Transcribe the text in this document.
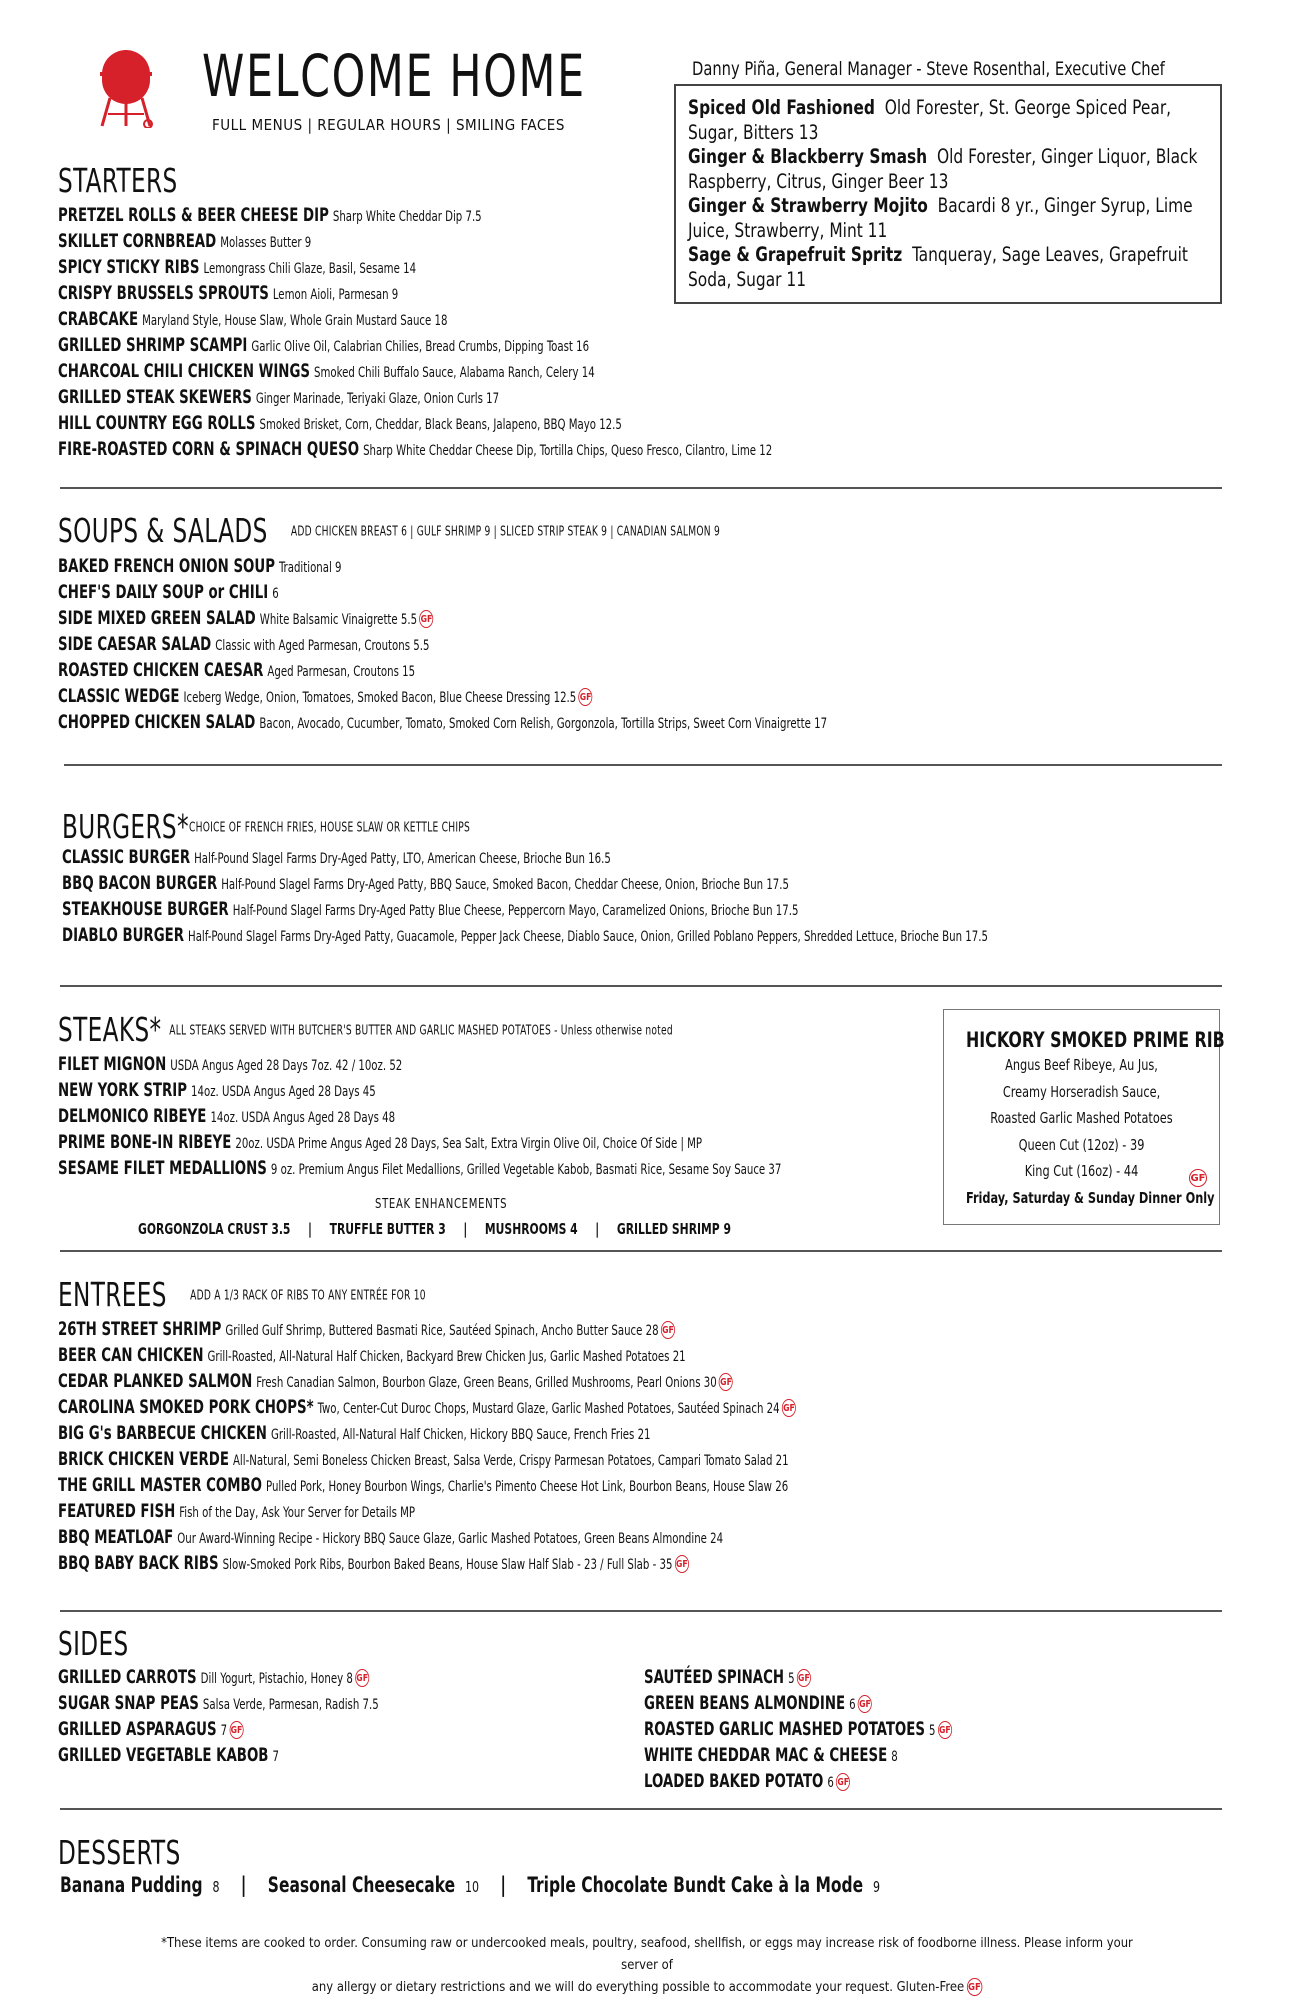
WELCOME HOME
FULL MENUS | REGULAR HOURS | SMILING FACES
Danny Piña, General Manager - Steve Rosenthal, Executive Chef

Spiced Old Fashioned Old Forester, St. George Spiced Pear, Sugar, Bitters 13

Ginger & Blackberry Smash Old Forester, Ginger Liquor, Black Raspberry, Citrus, Ginger Beer 13

Ginger & Strawberry Mojito Bacardi 8 yr., Ginger Syrup, Lime Juice, Strawberry, Mint 11

Sage & Grapefruit Spritz Tanqueray, Sage Leaves, Grapefruit Soda, Sugar 11

STARTERS
PRETZEL ROLLS & BEER CHEESE DIP Sharp White Cheddar Dip 7.5
SKILLET CORNBREAD Molasses Butter 9
SPICY STICKY RIBS Lemongrass Chili Glaze, Basil, Sesame 14
CRISPY BRUSSELS SPROUTS Lemon Aioli, Parmesan 9
CRABCAKE Maryland Style, House Slaw, Whole Grain Mustard Sauce 18
GRILLED SHRIMP SCAMPI Garlic Olive Oil, Calabrian Chilies, Bread Crumbs, Dipping Toast 16
CHARCOAL CHILI CHICKEN WINGS Smoked Chili Buffalo Sauce, Alabama Ranch, Celery 14
GRILLED STEAK SKEWERS Ginger Marinade, Teriyaki Glaze, Onion Curls 17
HILL COUNTRY EGG ROLLS Smoked Brisket, Corn, Cheddar, Black Beans, Jalapeno, BBQ Mayo 12.5
FIRE-ROASTED CORN & SPINACH QUESO Sharp White Cheddar Cheese Dip, Tortilla Chips, Queso Fresco, Cilantro, Lime 12
SOUPS & SALADS ADD CHICKEN BREAST 6 | GULF SHRIMP 9 | SLICED STRIP STEAK 9 | CANADIAN SALMON 9
BAKED FRENCH ONION SOUP Traditional 9
CHEF'S DAILY SOUP or CHILI 6
SIDE MIXED GREEN SALAD White Balsamic Vinaigrette 5.5 GF
SIDE CAESAR SALAD Classic with Aged Parmesan, Croutons 5.5
ROASTED CHICKEN CAESAR Aged Parmesan, Croutons 15
CLASSIC WEDGE Iceberg Wedge, Onion, Tomatoes, Smoked Bacon, Blue Cheese Dressing 12.5 GF
CHOPPED CHICKEN SALAD Bacon, Avocado, Cucumber, Tomato, Smoked Corn Relish, Gorgonzola, Tortilla Strips, Sweet Corn Vinaigrette 17
BURGERS*CHOICE OF FRENCH FRIES, HOUSE SLAW OR KETTLE CHIPS
CLASSIC BURGER Half-Pound Slagel Farms Dry-Aged Patty, LTO, American Cheese, Brioche Bun 16.5
BBQ BACON BURGER Half-Pound Slagel Farms Dry-Aged Patty, BBQ Sauce, Smoked Bacon, Cheddar Cheese, Onion, Brioche Bun 17.5
STEAKHOUSE BURGER Half-Pound Slagel Farms Dry-Aged Patty Blue Cheese, Peppercorn Mayo, Caramelized Onions, Brioche Bun 17.5
DIABLO BURGER Half-Pound Slagel Farms Dry-Aged Patty, Guacamole, Pepper Jack Cheese, Diablo Sauce, Onion, Grilled Poblano Peppers, Shredded Lettuce, Brioche Bun 17.5
STEAKS* ALL STEAKS SERVED WITH BUTCHER'S BUTTER AND GARLIC MASHED POTATOES - Unless otherwise noted
FILET MIGNON USDA Angus Aged 28 Days 7oz. 42 / 10oz. 52
NEW YORK STRIP 14oz. USDA Angus Aged 28 Days 45
DELMONICO RIBEYE 14oz. USDA Angus Aged 28 Days 48
PRIME BONE-IN RIBEYE 20oz. USDA Prime Angus Aged 28 Days, Sea Salt, Extra Virgin Olive Oil, Choice Of Side | MP
SESAME FILET MEDALLIONS 9 oz. Premium Angus Filet Medallions, Grilled Vegetable Kabob, Basmati Rice, Sesame Soy Sauce 37
STEAK ENHANCEMENTS
GORGONZOLA CRUST 3.5 | TRUFFLE BUTTER 3 | MUSHROOMS 4 | GRILLED SHRIMP 9
HICKORY SMOKED PRIME RIB
Angus Beef Ribeye, Au Jus,
Creamy Horseradish Sauce,
Roasted Garlic Mashed Potatoes
Queen Cut (12oz) - 39
King Cut (16oz) - 44
Friday, Saturday & Sunday Dinner Only
GF
ENTREES ADD A 1/3 RACK OF RIBS TO ANY ENTRÉE FOR 10
26TH STREET SHRIMP Grilled Gulf Shrimp, Buttered Basmati Rice, Sautéed Spinach, Ancho Butter Sauce 28 GF
BEER CAN CHICKEN Grill-Roasted, All-Natural Half Chicken, Backyard Brew Chicken Jus, Garlic Mashed Potatoes 21
CEDAR PLANKED SALMON Fresh Canadian Salmon, Bourbon Glaze, Green Beans, Grilled Mushrooms, Pearl Onions 30 GF
CAROLINA SMOKED PORK CHOPS* Two, Center-Cut Duroc Chops, Mustard Glaze, Garlic Mashed Potatoes, Sautéed Spinach 24 GF
BIG G's BARBECUE CHICKEN Grill-Roasted, All-Natural Half Chicken, Hickory BBQ Sauce, French Fries 21
BRICK CHICKEN VERDE All-Natural, Semi Boneless Chicken Breast, Salsa Verde, Crispy Parmesan Potatoes, Campari Tomato Salad 21
THE GRILL MASTER COMBO Pulled Pork, Honey Bourbon Wings, Charlie's Pimento Cheese Hot Link, Bourbon Beans, House Slaw 26
FEATURED FISH Fish of the Day, Ask Your Server for Details MP
BBQ MEATLOAF Our Award-Winning Recipe - Hickory BBQ Sauce Glaze, Garlic Mashed Potatoes, Green Beans Almondine 24
BBQ BABY BACK RIBS Slow-Smoked Pork Ribs, Bourbon Baked Beans, House Slaw Half Slab - 23 / Full Slab - 35 GF
SIDES
GRILLED CARROTS Dill Yogurt, Pistachio, Honey 8 GF
SUGAR SNAP PEAS Salsa Verde, Parmesan, Radish 7.5
GRILLED ASPARAGUS 7 GF
GRILLED VEGETABLE KABOB 7
SAUTÉED SPINACH 5 GF
GREEN BEANS ALMONDINE 6 GF
ROASTED GARLIC MASHED POTATOES 5 GF
WHITE CHEDDAR MAC & CHEESE 8
LOADED BAKED POTATO 6 GF
DESSERTS
Banana Pudding 8 | Seasonal Cheesecake 10 | Triple Chocolate Bundt Cake à la Mode 9
*These items are cooked to order. Consuming raw or undercooked meals, poultry, seafood, shellfish, or eggs may increase risk of foodborne illness. Please inform your server of
any allergy or dietary restrictions and we will do everything possible to accommodate your request. Gluten-Free GF
